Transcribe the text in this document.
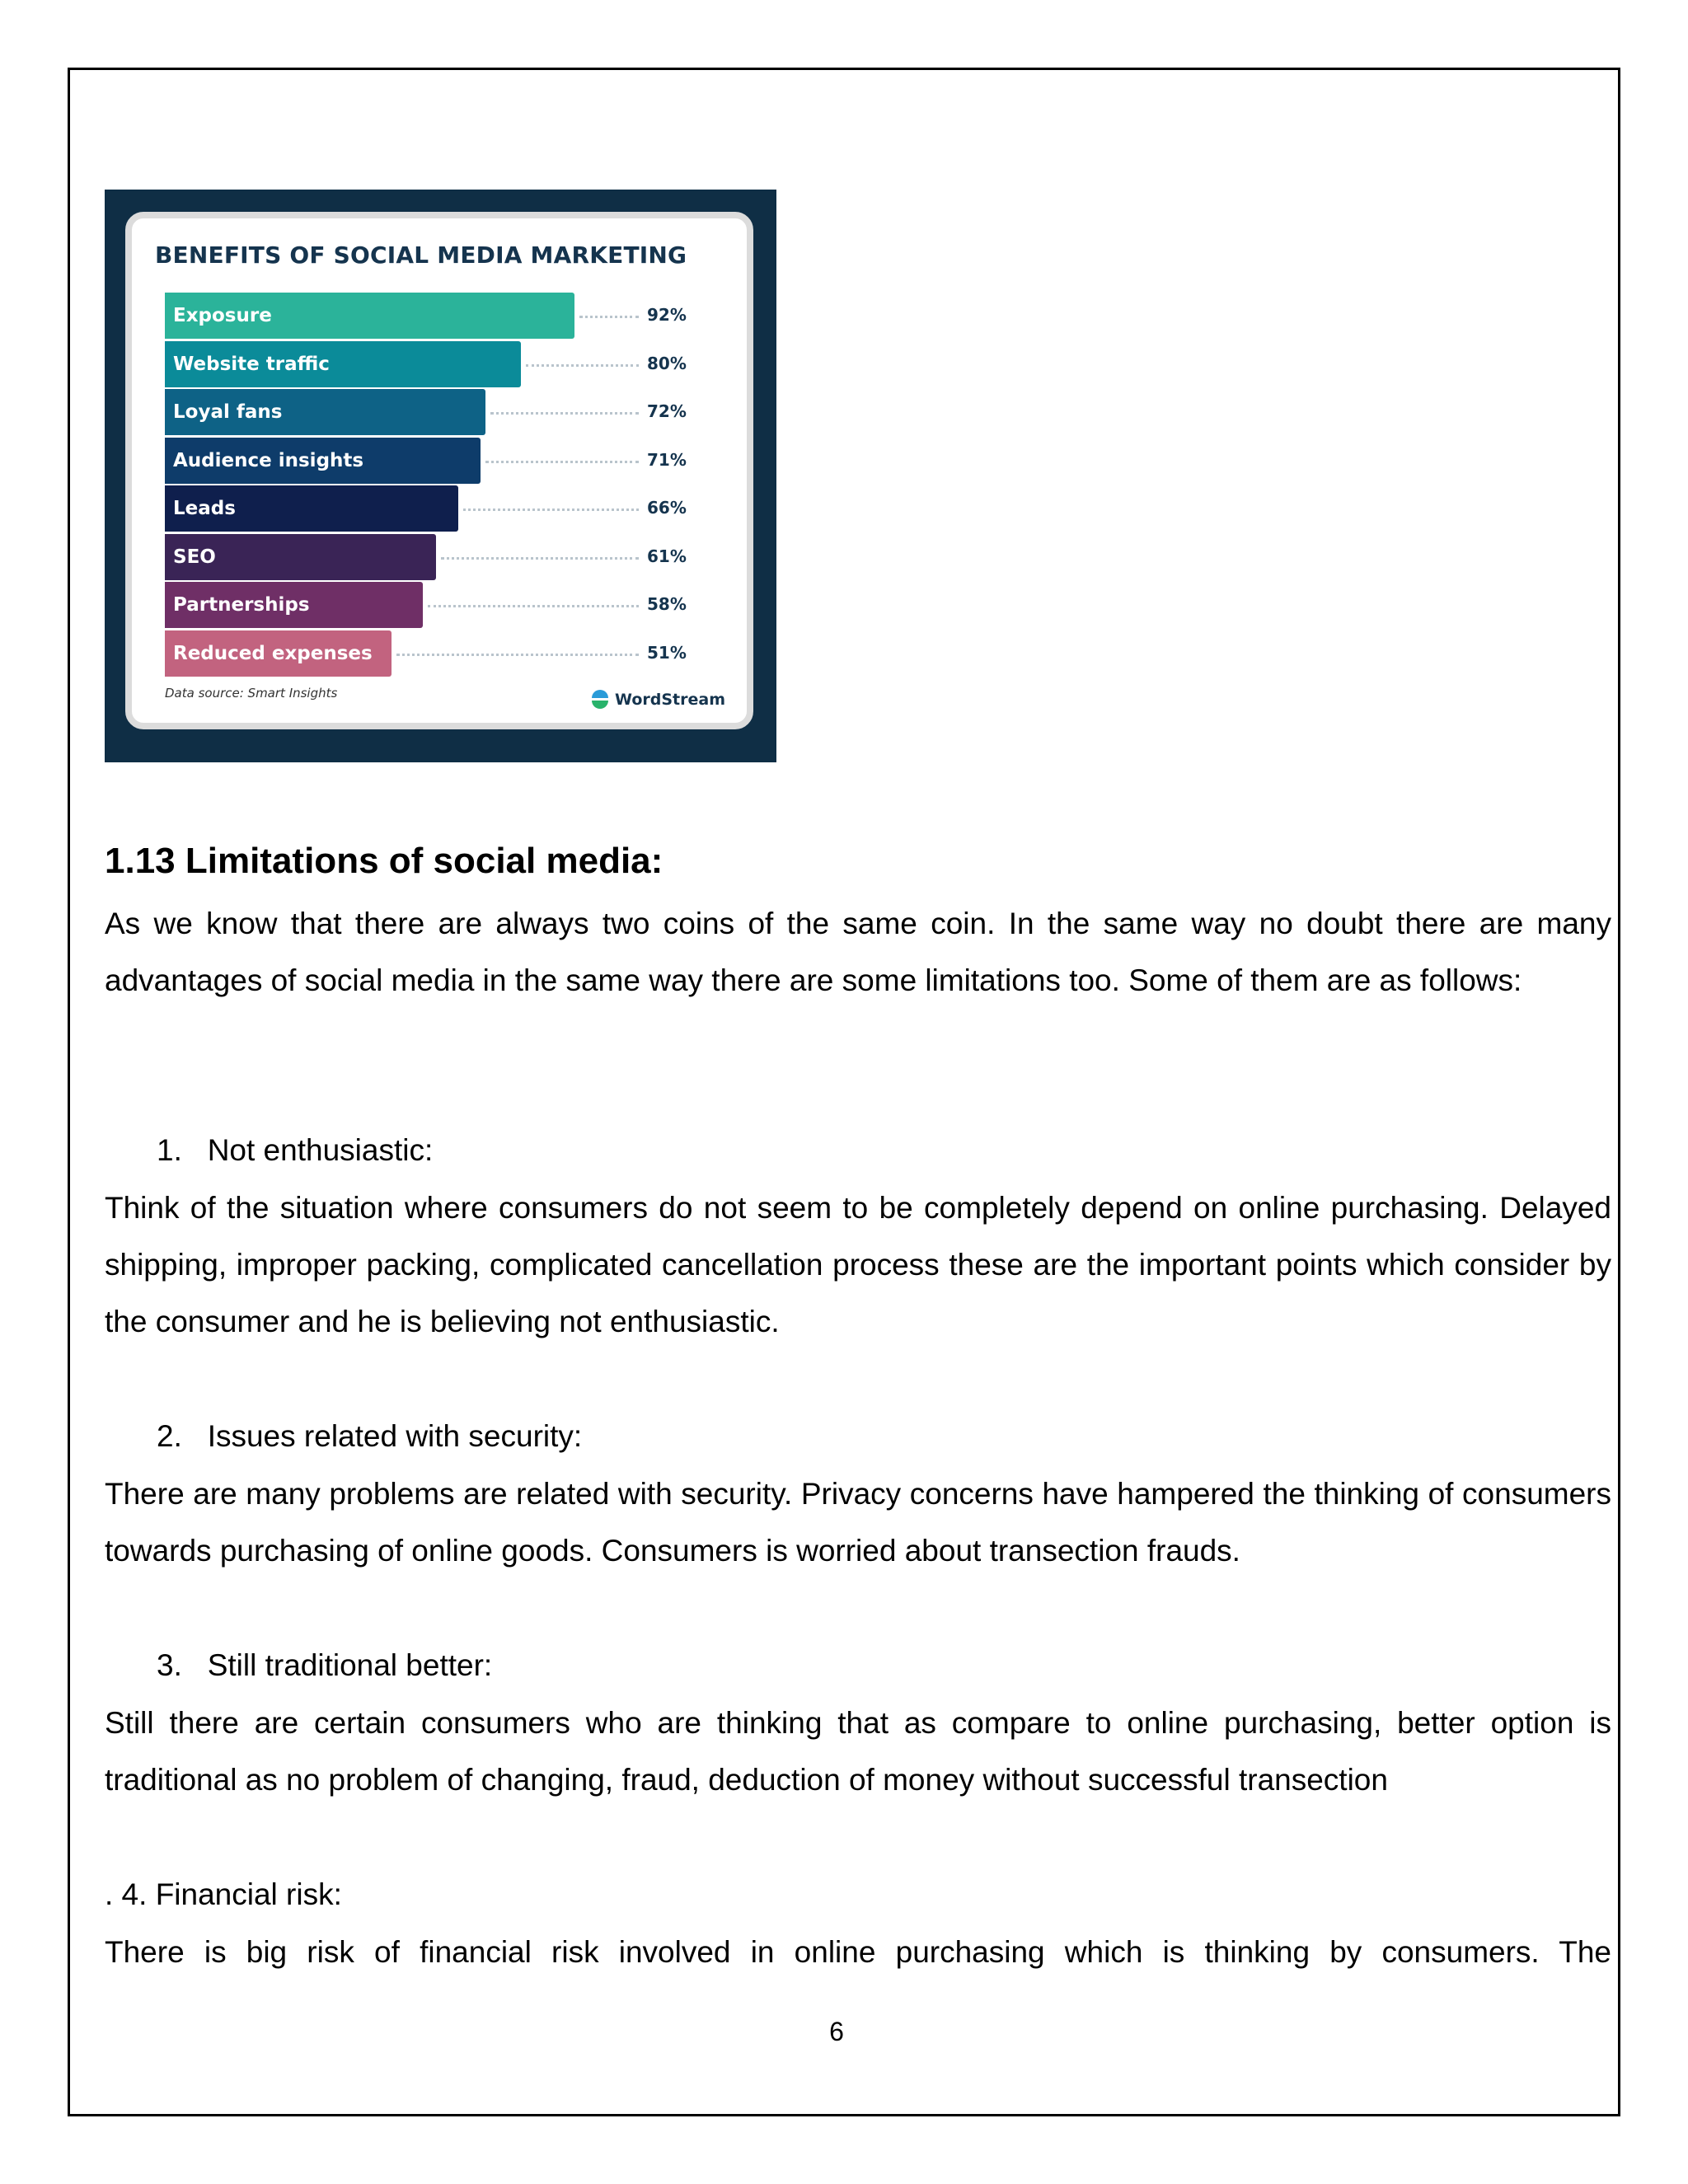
BENEFITS OF SOCIAL MEDIA MARKETING
Exposure	92%
Website traffic	80%
Loyal fans	72%
Audience insights	71%
Leads	66%
SEO	61%
Partnerships	58%
Reduced expenses	51%
Data source: Smart Insights	WordStream
1.13 Limitations of social media:

As we know that there are always two coins of the same coin. In the same way no doubt there are many advantages of social media in the same way there are some limitations too. Some of them are as follows:

1. Not enthusiastic:

Think of the situation where consumers do not seem to be completely depend on online purchasing. Delayed shipping, improper packing, complicated cancellation process these are the important points which consider by the consumer and he is believing not enthusiastic.

2. Issues related with security:

There are many problems are related with security. Privacy concerns have hampered the thinking of consumers towards purchasing of online goods. Consumers is worried about transection frauds.

3. Still traditional better:

Still there are certain consumers who are thinking that as compare to online purchasing, better option is traditional as no problem of changing, fraud, deduction of money without successful transection

. 4. Financial risk:

There is big risk of financial risk involved in online purchasing which is thinking by consumers. The

6
